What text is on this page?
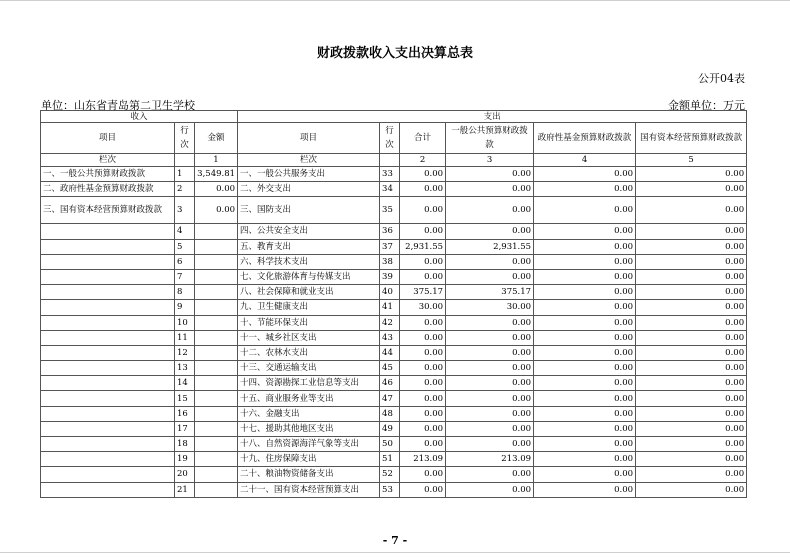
财政拨款收入支出决算总表
公开04表
单位：山东省青岛第二卫生学校	金额单位：万元
收入			支出					
项目	行次	金额	项目	行次	合计	一般公共预算财政拨款	政府性基金预算财政拨款	国有资本经营预算财政拨款
栏次		1	栏次		2	3	4	5
一、一般公共预算财政拨款	1	3,549.81	一、一般公共服务支出	33	0.00	0.00	0.00	0.00
二、政府性基金预算财政拨款	2	0.00	二、外交支出	34	0.00	0.00	0.00	0.00
三、国有资本经营预算财政拨款	3	0.00	三、国防支出	35	0.00	0.00	0.00	0.00
	4		四、公共安全支出	36	0.00	0.00	0.00	0.00
	5		五、教育支出	37	2,931.55	2,931.55	0.00	0.00
	6		六、科学技术支出	38	0.00	0.00	0.00	0.00
	7		七、文化旅游体育与传媒支出	39	0.00	0.00	0.00	0.00
	8		八、社会保障和就业支出	40	375.17	375.17	0.00	0.00
	9		九、卫生健康支出	41	30.00	30.00	0.00	0.00
	10		十、节能环保支出	42	0.00	0.00	0.00	0.00
	11		十一、城乡社区支出	43	0.00	0.00	0.00	0.00
	12		十二、农林水支出	44	0.00	0.00	0.00	0.00
	13		十三、交通运输支出	45	0.00	0.00	0.00	0.00
	14		十四、资源勘探工业信息等支出	46	0.00	0.00	0.00	0.00
	15		十五、商业服务业等支出	47	0.00	0.00	0.00	0.00
	16		十六、金融支出	48	0.00	0.00	0.00	0.00
	17		十七、援助其他地区支出	49	0.00	0.00	0.00	0.00
	18		十八、自然资源海洋气象等支出	50	0.00	0.00	0.00	0.00
	19		十九、住房保障支出	51	213.09	213.09	0.00	0.00
	20		二十、粮油物资储备支出	52	0.00	0.00	0.00	0.00
	21		二十一、国有资本经营预算支出	53	0.00	0.00	0.00	0.00
- 7 -
